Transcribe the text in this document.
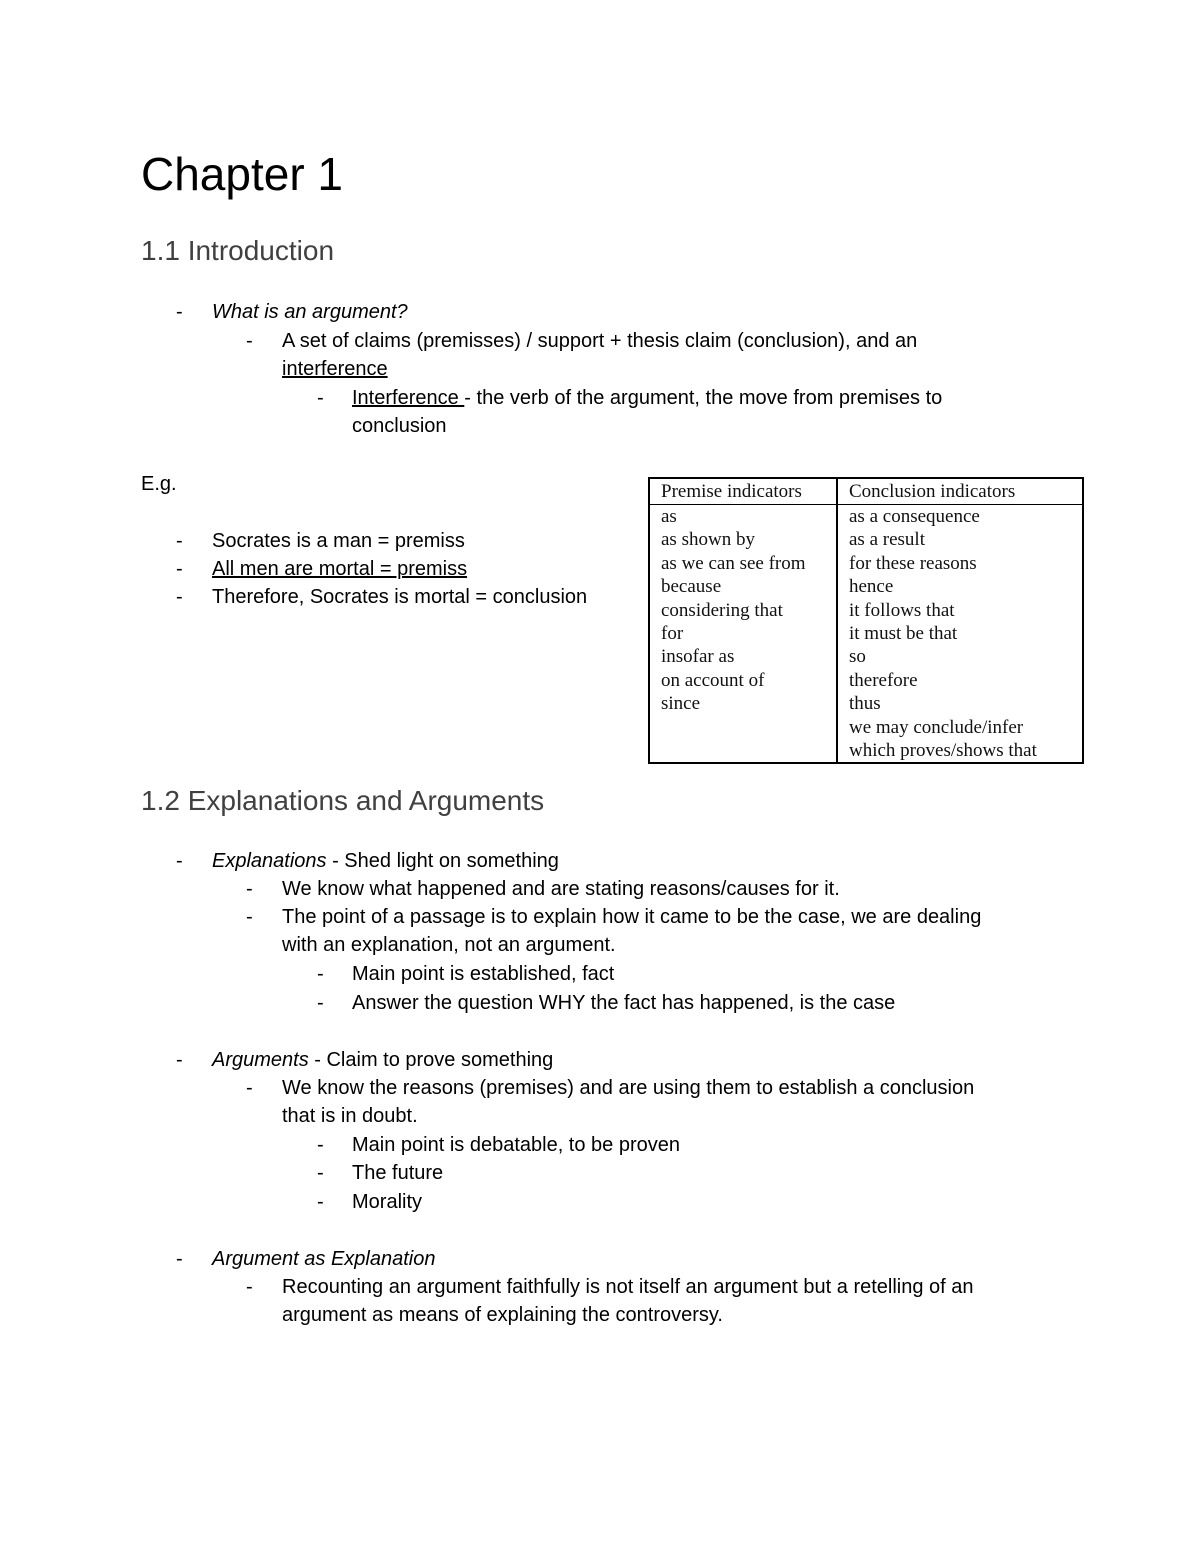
Chapter 1
1.1 Introduction
- What is an argument?
- A set of claims (premisses) / support + thesis claim (conclusion), and an
interference
- Interference - the verb of the argument, the move from premises to
conclusion
E.g.
- Socrates is a man = premiss
- All men are mortal = premiss
- Therefore, Socrates is mortal = conclusion
Premise indicators
as
as shown by
as we can see from
because
considering that
for
insofar as
on account of
since
Conclusion indicators
as a consequence
as a result
for these reasons
hence
it follows that
it must be that
so
therefore
thus
we may conclude/infer
which proves/shows that
1.2 Explanations and Arguments
- Explanations - Shed light on something
- We know what happened and are stating reasons/causes for it.
- The point of a passage is to explain how it came to be the case, we are dealing
with an explanation, not an argument.
- Main point is established, fact
- Answer the question WHY the fact has happened, is the case
- Arguments - Claim to prove something
- We know the reasons (premises) and are using them to establish a conclusion
that is in doubt.
- Main point is debatable, to be proven
- The future
- Morality
- Argument as Explanation
- Recounting an argument faithfully is not itself an argument but a retelling of an
argument as means of explaining the controversy.
